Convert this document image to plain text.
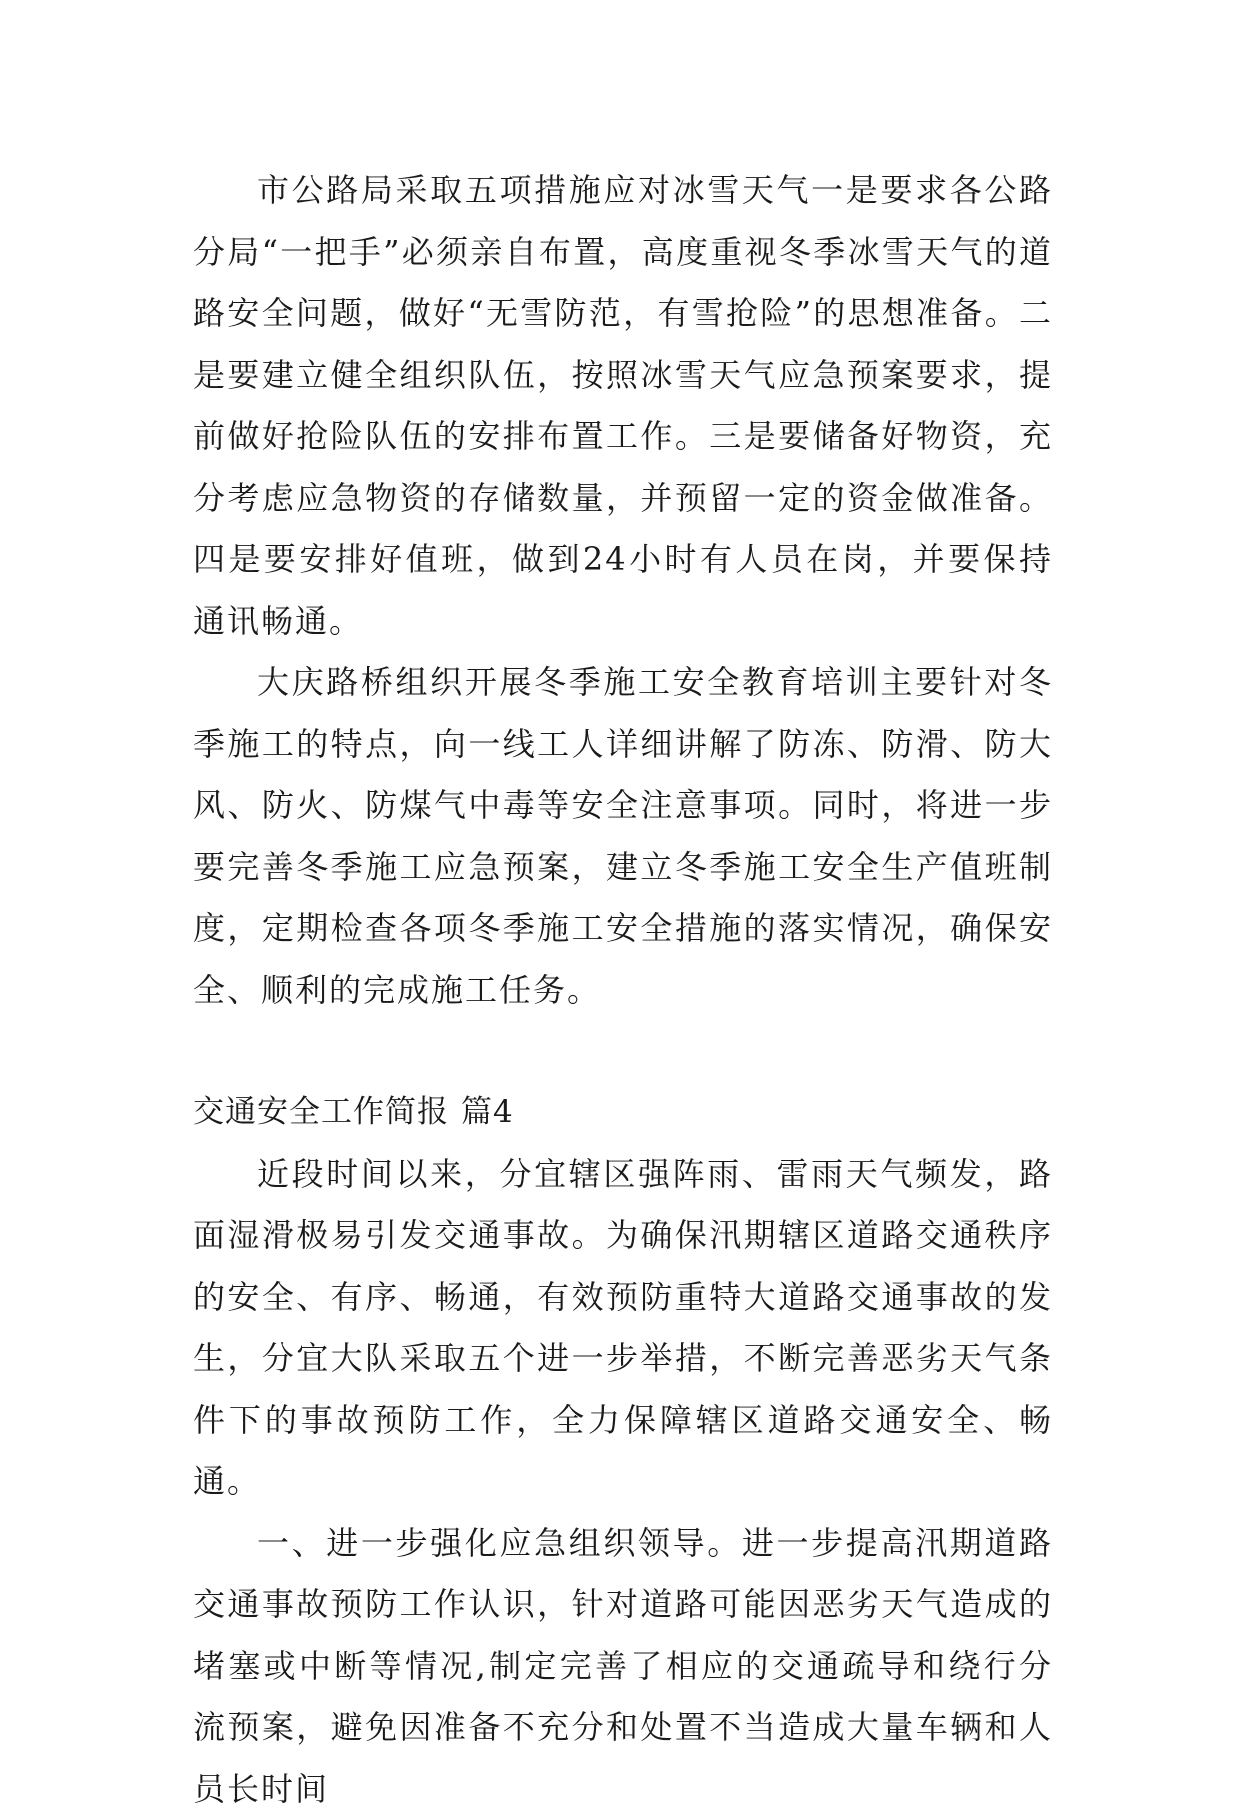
市公路局采取五项措施应对冰雪天气一是要求各公路分局“一把手”必须亲自布置，高度重视冬季冰雪天气的道路安全问题，做好“无雪防范，有雪抢险”的思想准备。二是要建立健全组织队伍，按照冰雪天气应急预案要求，提前做好抢险队伍的安排布置工作。三是要储备好物资，充分考虑应急物资的存储数量，并预留一定的资金做准备。四是要安排好值班，做到24小时有人员在岗，并要保持通讯畅通。

大庆路桥组织开展冬季施工安全教育培训主要针对冬季施工的特点，向一线工人详细讲解了防冻、防滑、防大风、防火、防煤气中毒等安全注意事项。同时，将进一步要完善冬季施工应急预案，建立冬季施工安全生产值班制度，定期检查各项冬季施工安全措施的落实情况，确保安全、顺利的完成施工任务。

交通安全工作简报 篇4

近段时间以来，分宜辖区强阵雨、雷雨天气频发，路面湿滑极易引发交通事故。为确保汛期辖区道路交通秩序的安全、有序、畅通，有效预防重特大道路交通事故的发生，分宜大队采取五个进一步举措，不断完善恶劣天气条件下的事故预防工作，全力保障辖区道路交通安全、畅通。

一、进一步强化应急组织领导。进一步提高汛期道路交通事故预防工作认识，针对道路可能因恶劣天气造成的堵塞或中断等情况,制定完善了相应的交通疏导和绕行分流预案，避免因准备不充分和处置不当造成大量车辆和人员长时间
